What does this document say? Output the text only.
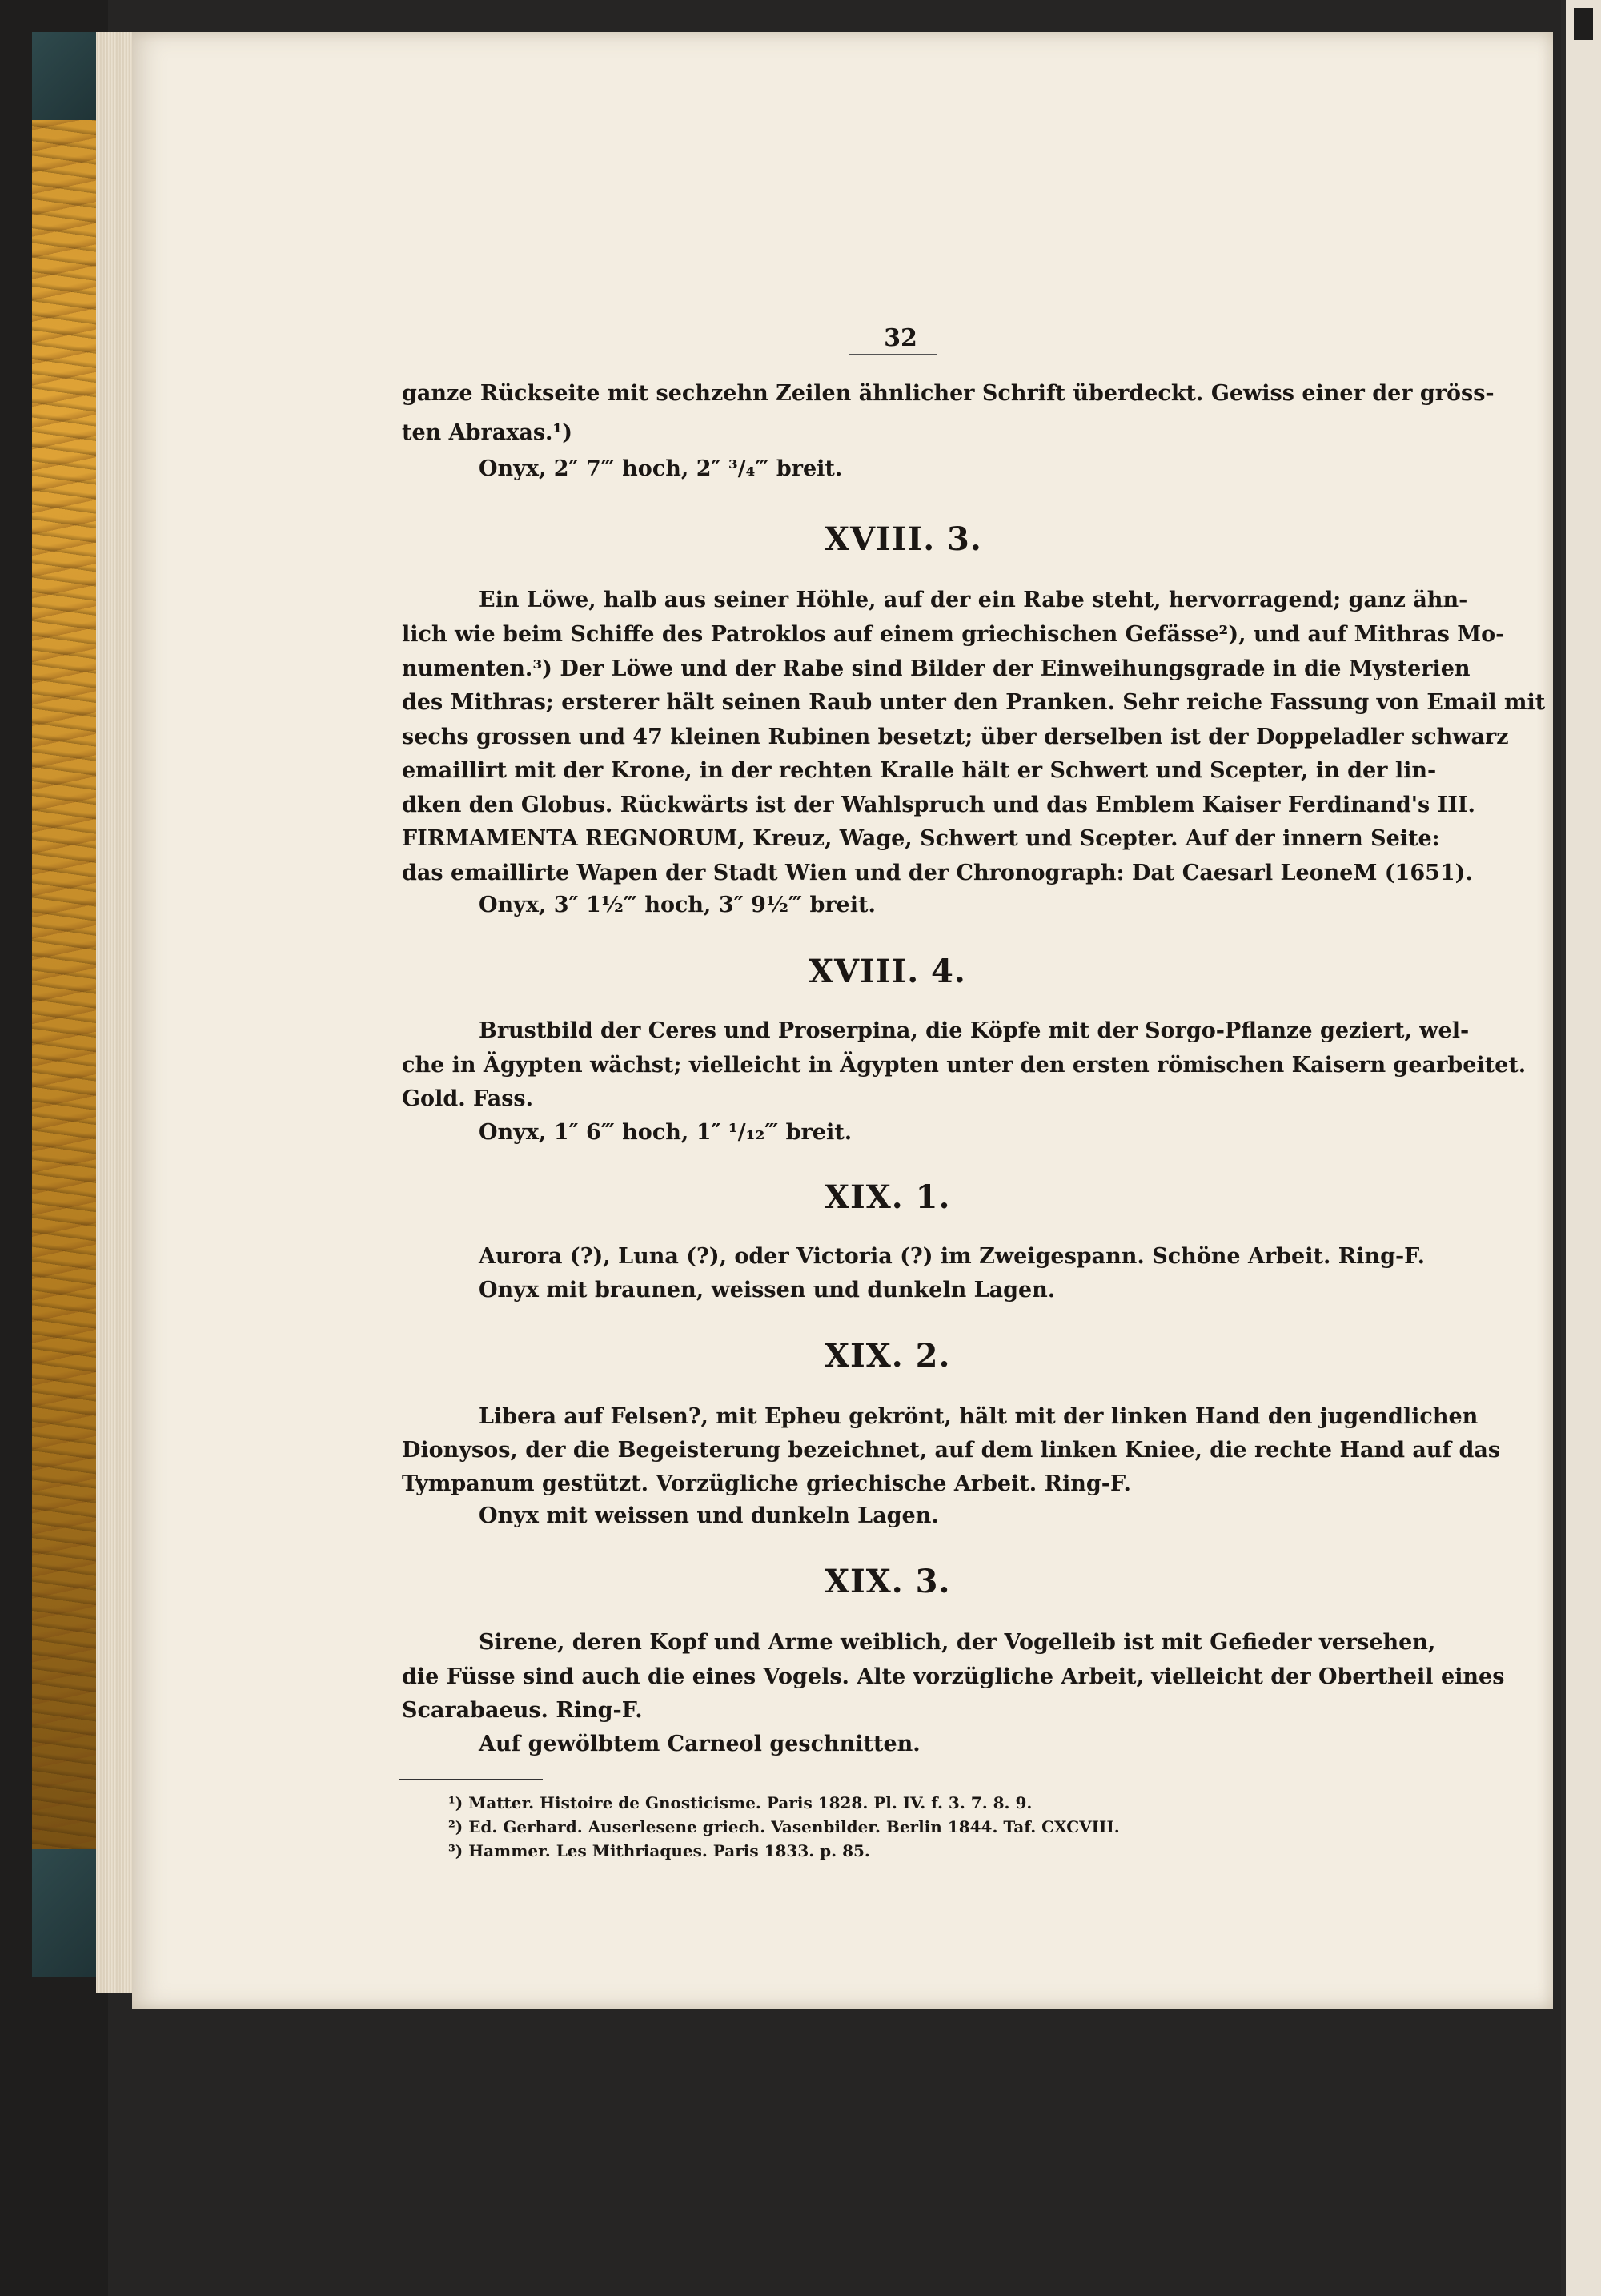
32
ganze Rückseite mit sechzehn Zeilen ähnlicher Schrift überdeckt. Gewiss einer der gröss-
ten Abraxas.¹)
Onyx, 2″ 7‴ hoch, 2″ ³/₄‴ breit.
XVIII. 3.
Ein Löwe, halb aus seiner Höhle, auf der ein Rabe steht, hervorragend; ganz ähn-
lich wie beim Schiffe des Patroklos auf einem griechischen Gefässe²), und auf Mithras Mo-
numenten.³) Der Löwe und der Rabe sind Bilder der Einweihungsgrade in die Mysterien
des Mithras; ersterer hält seinen Raub unter den Pranken. Sehr reiche Fassung von Email mit
sechs grossen und 47 kleinen Rubinen besetzt; über derselben ist der Doppeladler schwarz
emaillirt mit der Krone, in der rechten Kralle hält er Schwert und Scepter, in der lin-
dken den Globus. Rückwärts ist der Wahlspruch und das Emblem Kaiser Ferdinand's III.
FIRMAMENTA REGNORUM, Kreuz, Wage, Schwert und Scepter. Auf der innern Seite:
das emaillirte Wapen der Stadt Wien und der Chronograph: Dat Caesarl LeoneM (1651).
Onyx, 3″ 1½‴ hoch, 3″ 9½‴ breit.
XVIII. 4.
Brustbild der Ceres und Proserpina, die Köpfe mit der Sorgo-Pflanze geziert, wel-
che in Ägypten wächst; vielleicht in Ägypten unter den ersten römischen Kaisern gearbeitet.
Gold. Fass.
Onyx, 1″ 6‴ hoch, 1″ ¹/₁₂‴ breit.
XIX. 1.
Aurora (?), Luna (?), oder Victoria (?) im Zweigespann. Schöne Arbeit. Ring-F.
Onyx mit braunen, weissen und dunkeln Lagen.
XIX. 2.
Libera auf Felsen?, mit Epheu gekrönt, hält mit der linken Hand den jugendlichen
Dionysos, der die Begeisterung bezeichnet, auf dem linken Kniee, die rechte Hand auf das
Tympanum gestützt. Vorzügliche griechische Arbeit. Ring-F.
Onyx mit weissen und dunkeln Lagen.
XIX. 3.
Sirene, deren Kopf und Arme weiblich, der Vogelleib ist mit Gefieder versehen,
die Füsse sind auch die eines Vogels. Alte vorzügliche Arbeit, vielleicht der Obertheil eines
Scarabaeus. Ring-F.
Auf gewölbtem Carneol geschnitten.
¹) Matter. Histoire de Gnosticisme. Paris 1828. Pl. IV. f. 3. 7. 8. 9.
²) Ed. Gerhard. Auserlesene griech. Vasenbilder. Berlin 1844. Taf. CXCVIII.
³) Hammer. Les Mithriaques. Paris 1833. p. 85.
